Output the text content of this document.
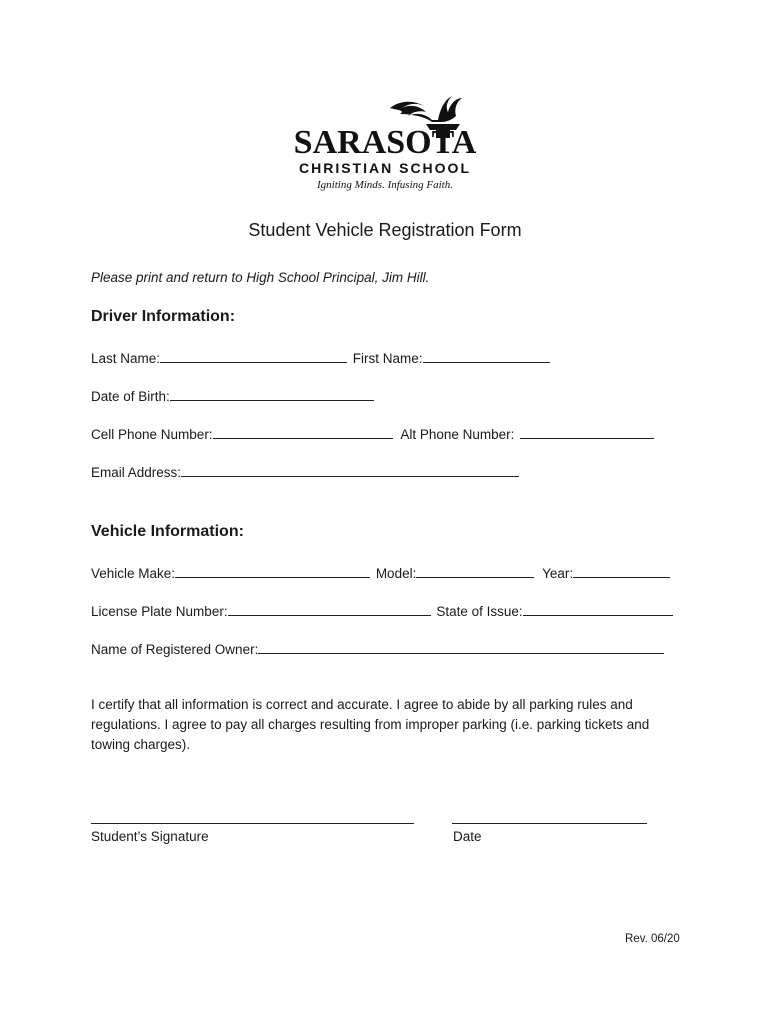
SARASOTA
CHRISTIAN SCHOOL
Igniting Minds. Infusing Faith.
Student Vehicle Registration Form
Please print and return to High School Principal, Jim Hill.
Driver Information:
Last Name:	First Name:
Date of Birth:
Cell Phone Number:	Alt Phone Number:
Email Address:
Vehicle Information:
Vehicle Make:	Model:	Year:
License Plate Number:	State of Issue:
Name of Registered Owner:
I certify that all information is correct and accurate. I agree to abide by all parking rules and regulations. I agree to pay all charges resulting from improper parking (i.e. parking tickets and towing charges).
Student’s Signature	Date
Rev. 06/20
